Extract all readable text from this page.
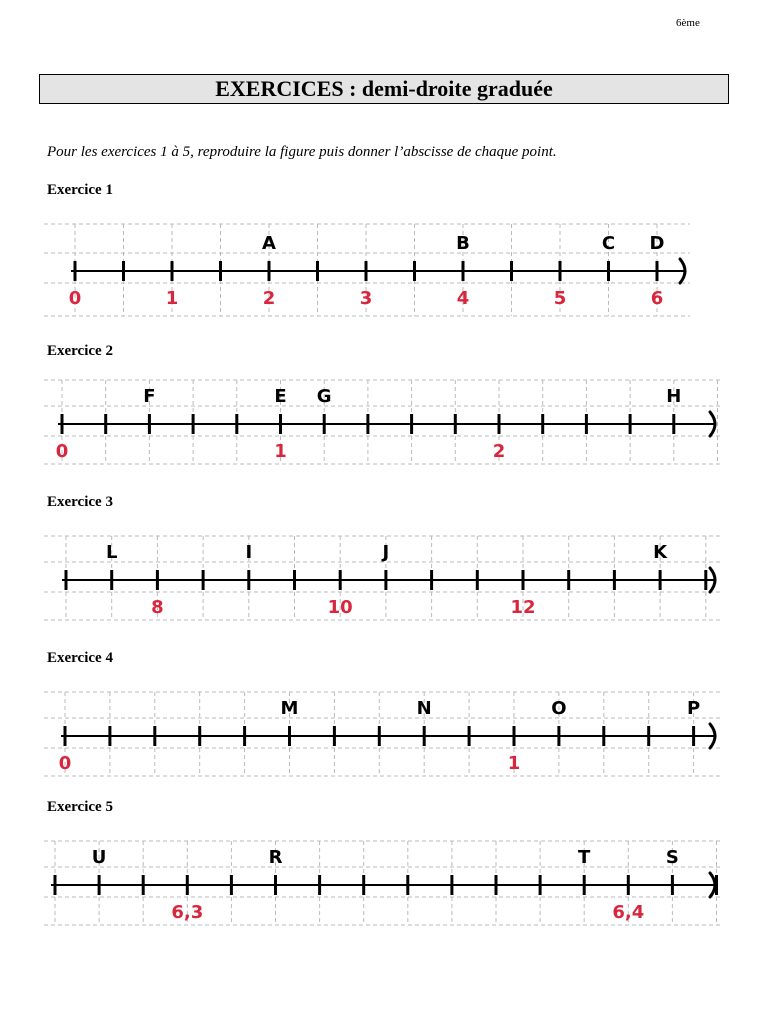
6ème
EXERCICES : demi-droite graduée
Pour les exercices 1 à 5, reproduire la figure puis donner l’abscisse de chaque point.
Exercice 1
A	B	C D
0	1	2	3	4	5	6
Exercice 2
F	E G	H
0	1	2
Exercice 3
L	I	J	K
8	10	12
Exercice 4
M	N	O	P
0	1
Exercice 5
U	R	T	S
6,3	6,4
